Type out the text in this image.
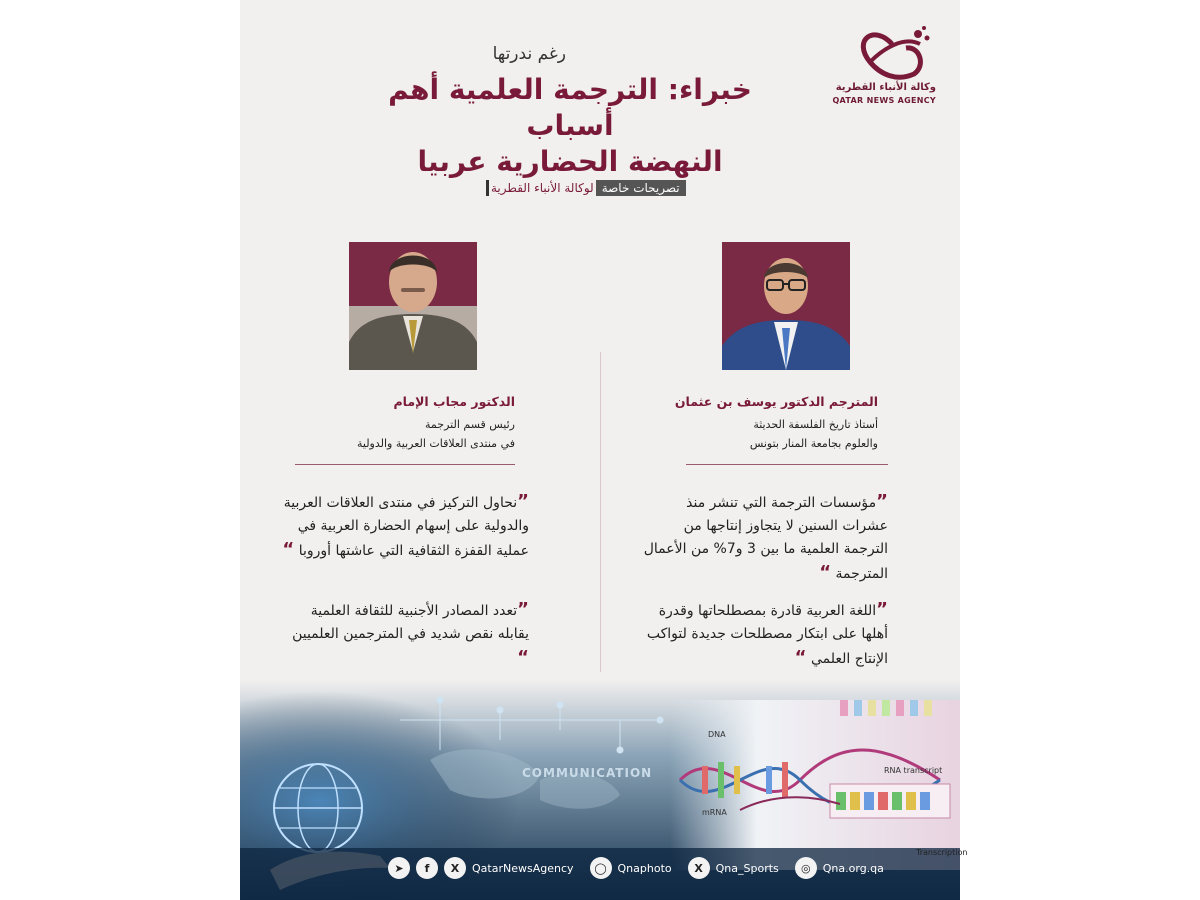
وكالة الأنباء القطرية
QATAR NEWS AGENCY
رغم ندرتها
خبراء: الترجمة العلمية أهم أسباب
النهضة الحضارية عربيا
تصريحات خاصة
لوكالة الأنباء القطرية
المترجم الدكتور يوسف بن عثمان
أستاذ تاريخ الفلسفة الحديثة
والعلوم بجامعة المنار بتونس
الدكتور مجاب الإمام
رئيس قسم الترجمة
في منتدى العلاقات العربية والدولية
”مؤسسات الترجمة التي تنشر منذ عشرات السنين لا يتجاوز إنتاجها من الترجمة العلمية ما بين 3 و7% من الأعمال المترجمة “
”اللغة العربية قادرة بمصطلحاتها وقدرة أهلها على ابتكار مصطلحات جديدة لتواكب الإنتاج العلمي “
”نحاول التركيز في منتدى العلاقات العربية والدولية على إسهام الحضارة العربية في عملية القفزة الثقافية التي عاشتها أوروبا “
”تعدد المصادر الأجنبية للثقافة العلمية يقابله نقص شديد في المترجمين العلميين “
COMMUNICATION
DNA
mRNA
RNA transcript
Transcription
➤	f	X	QatarNewsAgency	◯ Qnaphoto	X	Qna_Sports	◎	Qna.org.qa
